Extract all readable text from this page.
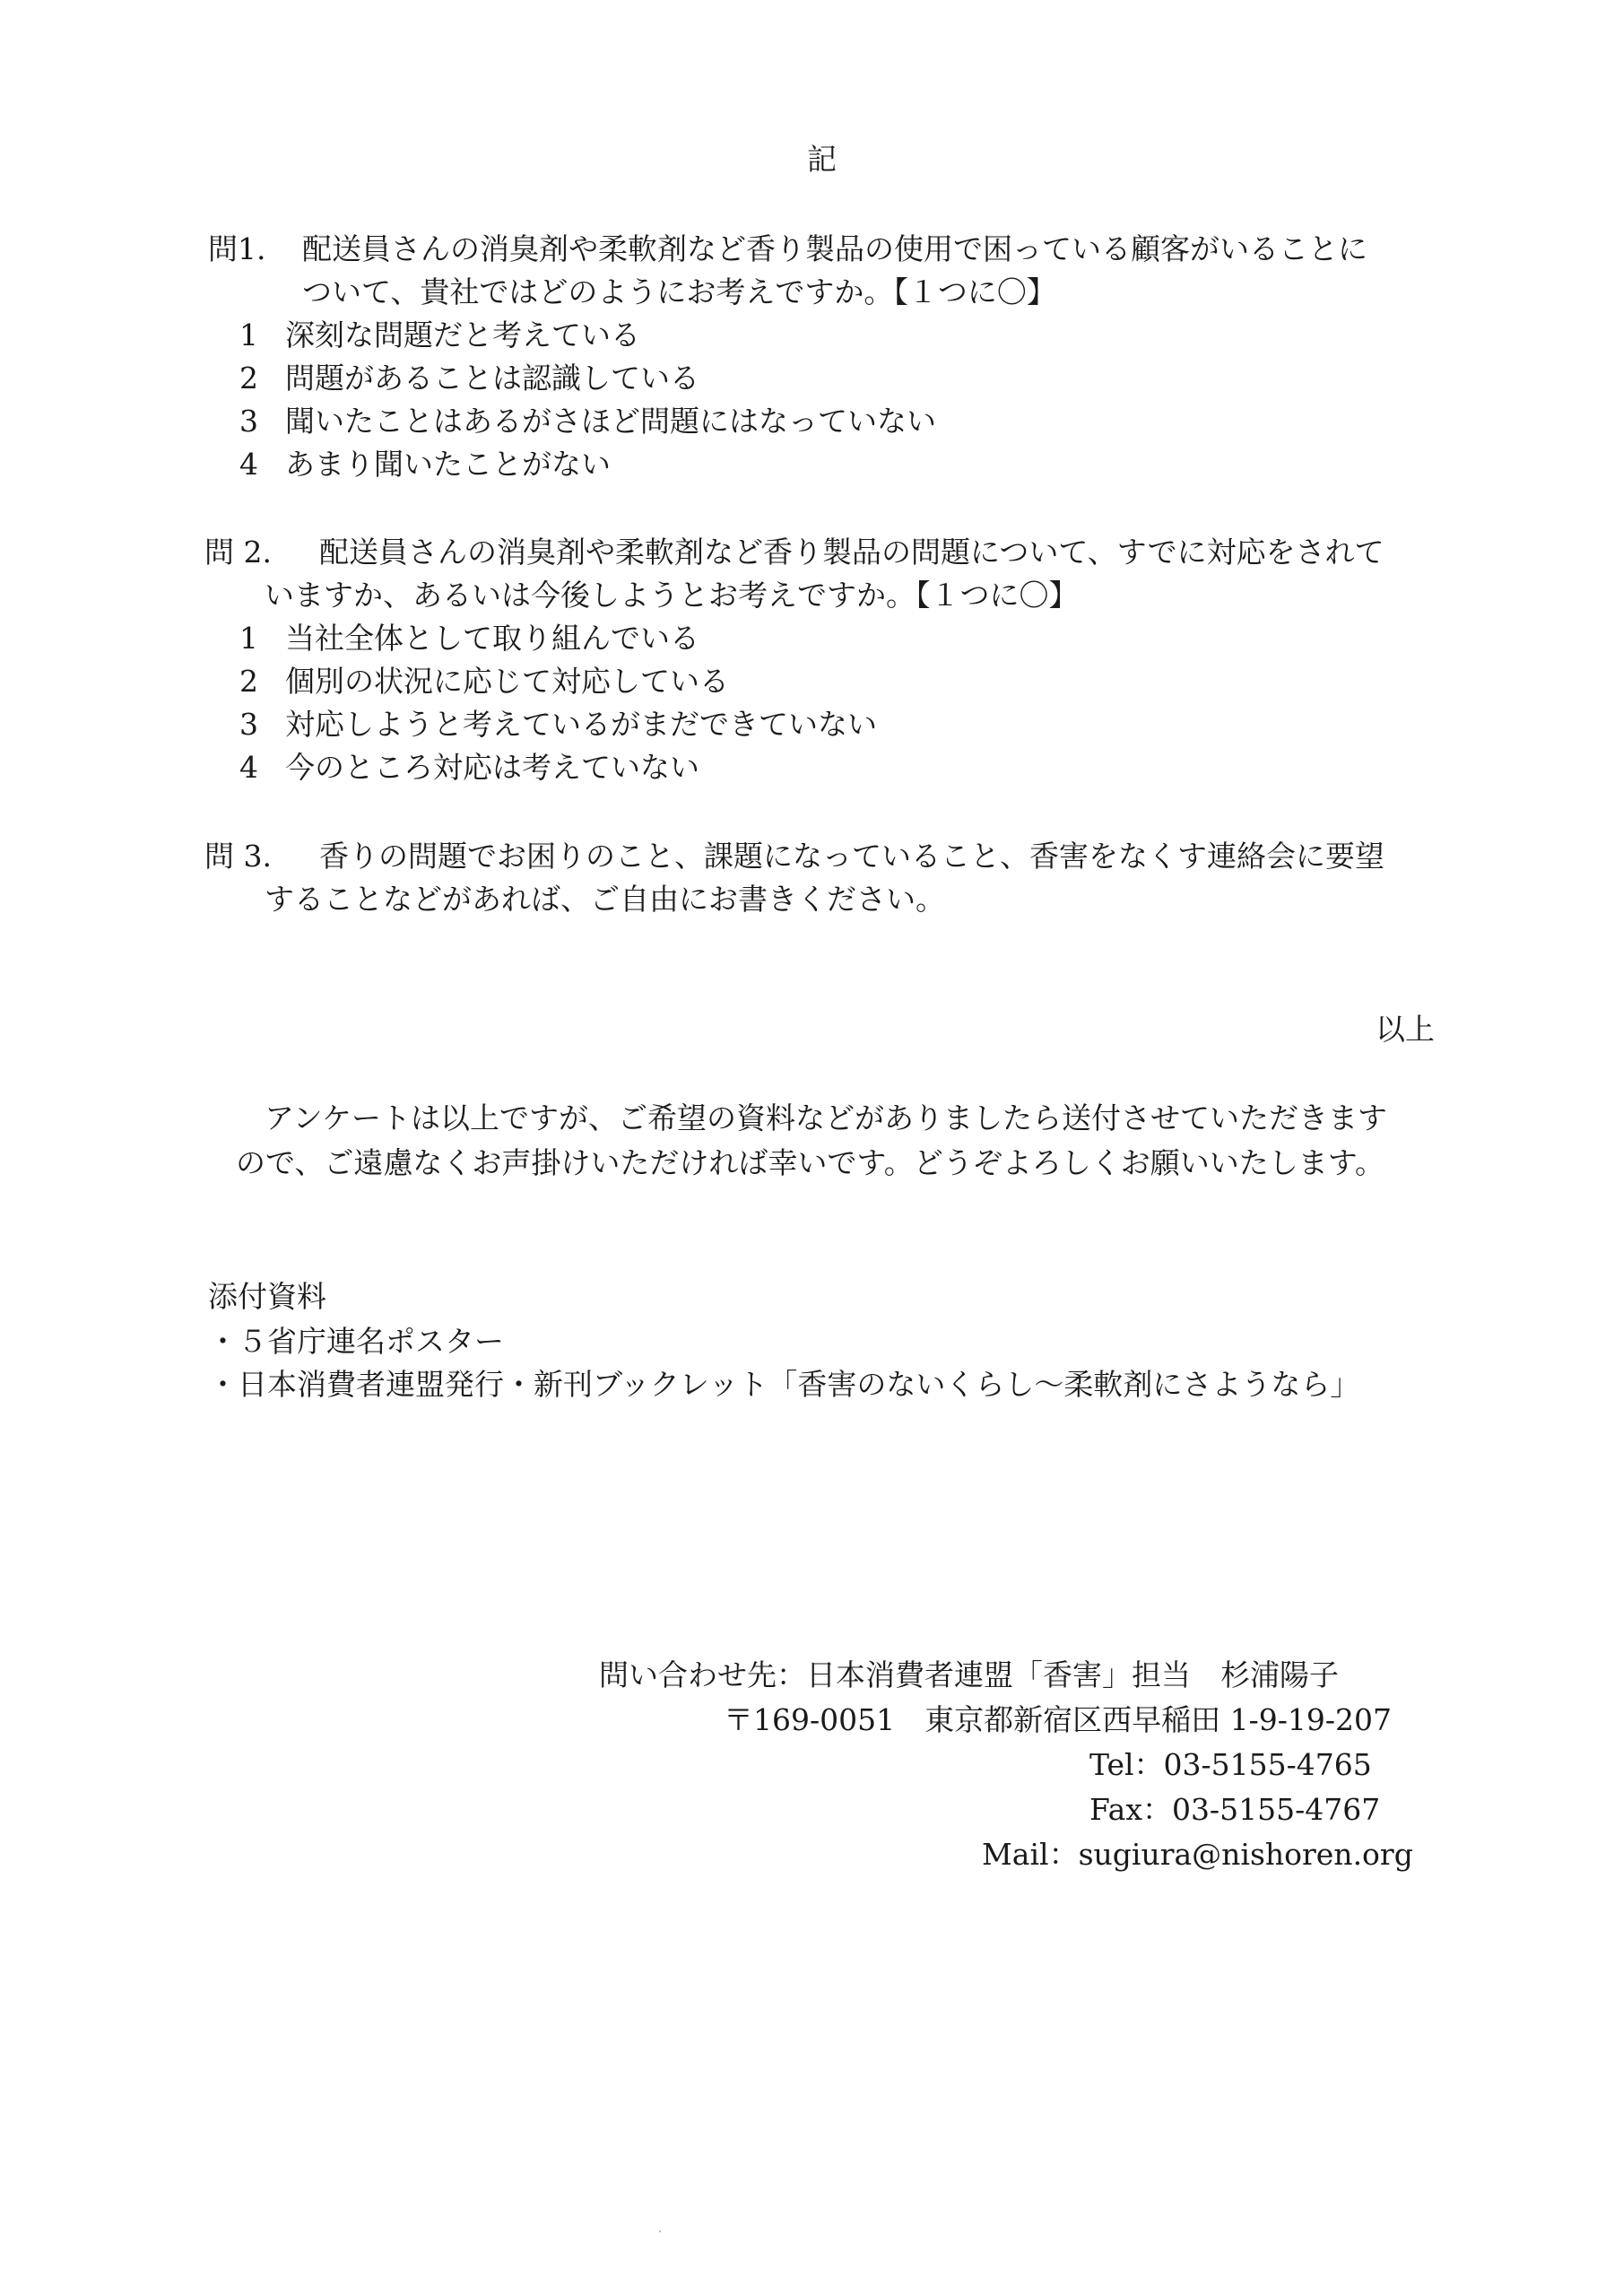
記
問1. 配送員さんの消臭剤や柔軟剤など香り製品の使用で困っている顧客がいることに
ついて、貴社ではどのようにお考えですか。【１つに〇】
1 深刻な問題だと考えている
2 問題があることは認識している
3 聞いたことはあるがさほど問題にはなっていない
4 あまり聞いたことがない
問 2. 配送員さんの消臭剤や柔軟剤など香り製品の問題について、すでに対応をされて
いますか、あるいは今後しようとお考えですか。【１つに〇】
1 当社全体として取り組んでいる
2 個別の状況に応じて対応している
3 対応しようと考えているがまだできていない
4 今のところ対応は考えていない
問 3. 香りの問題でお困りのこと、課題になっていること、香害をなくす連絡会に要望
することなどがあれば、ご自由にお書きください。
以上
アンケートは以上ですが、ご希望の資料などがありましたら送付させていただきます
ので、ご遠慮なくお声掛けいただければ幸いです。どうぞよろしくお願いいたします。
添付資料
・５省庁連名ポスター
・日本消費者連盟発行・新刊ブックレット「香害のないくらし～柔軟剤にさようなら」
問い合わせ先：日本消費者連盟「香害」担当　杉浦陽子
〒169-0051　東京都新宿区西早稲田 1-9-19-207
Tel：03-5155-4765
Fax：03-5155-4767
Mail：sugiura@nishoren.org
